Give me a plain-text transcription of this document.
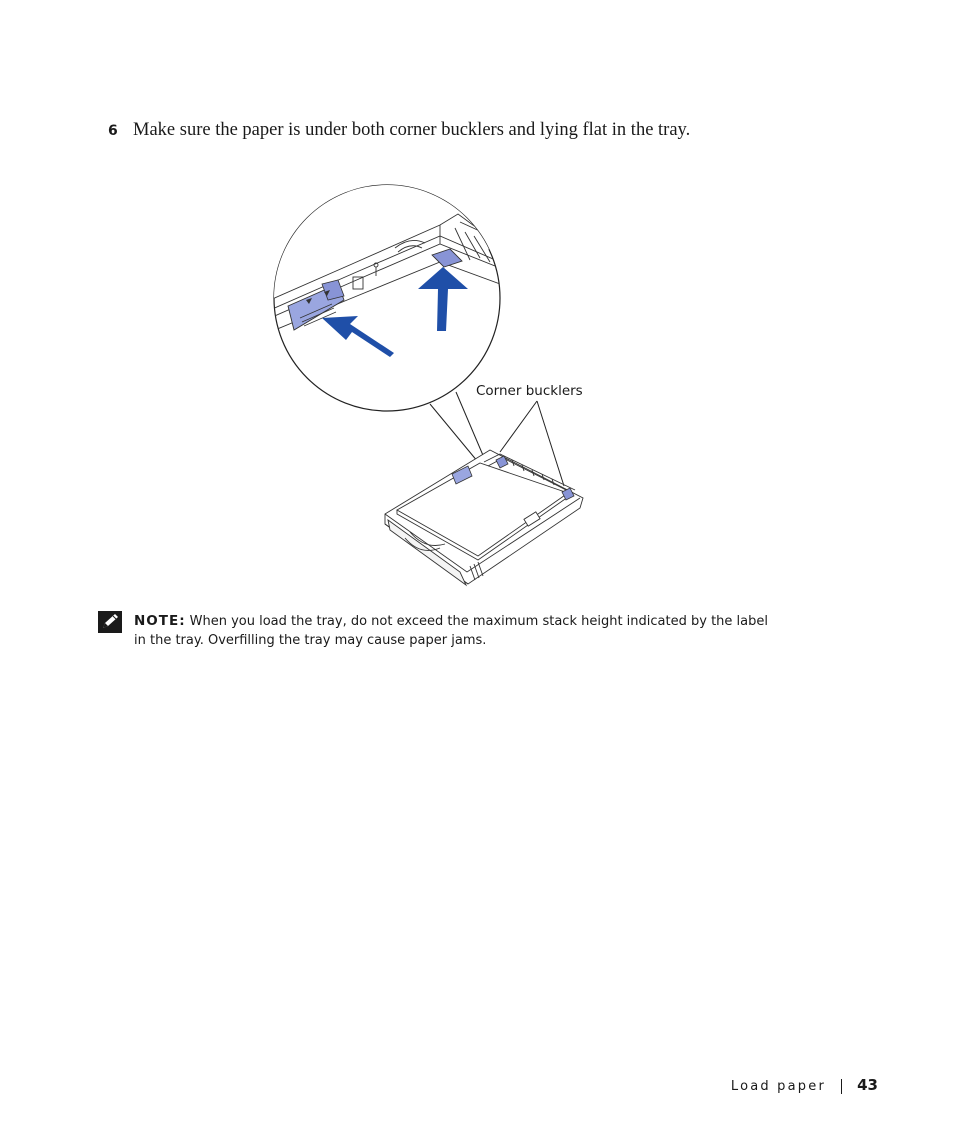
6 Make sure the paper is under both corner bucklers and lying flat in the tray.
Corner bucklers
NOTE: When you load the tray, do not exceed the maximum stack height indicated by the label
in the tray. Overfilling the tray may cause paper jams.
Load paper 43
